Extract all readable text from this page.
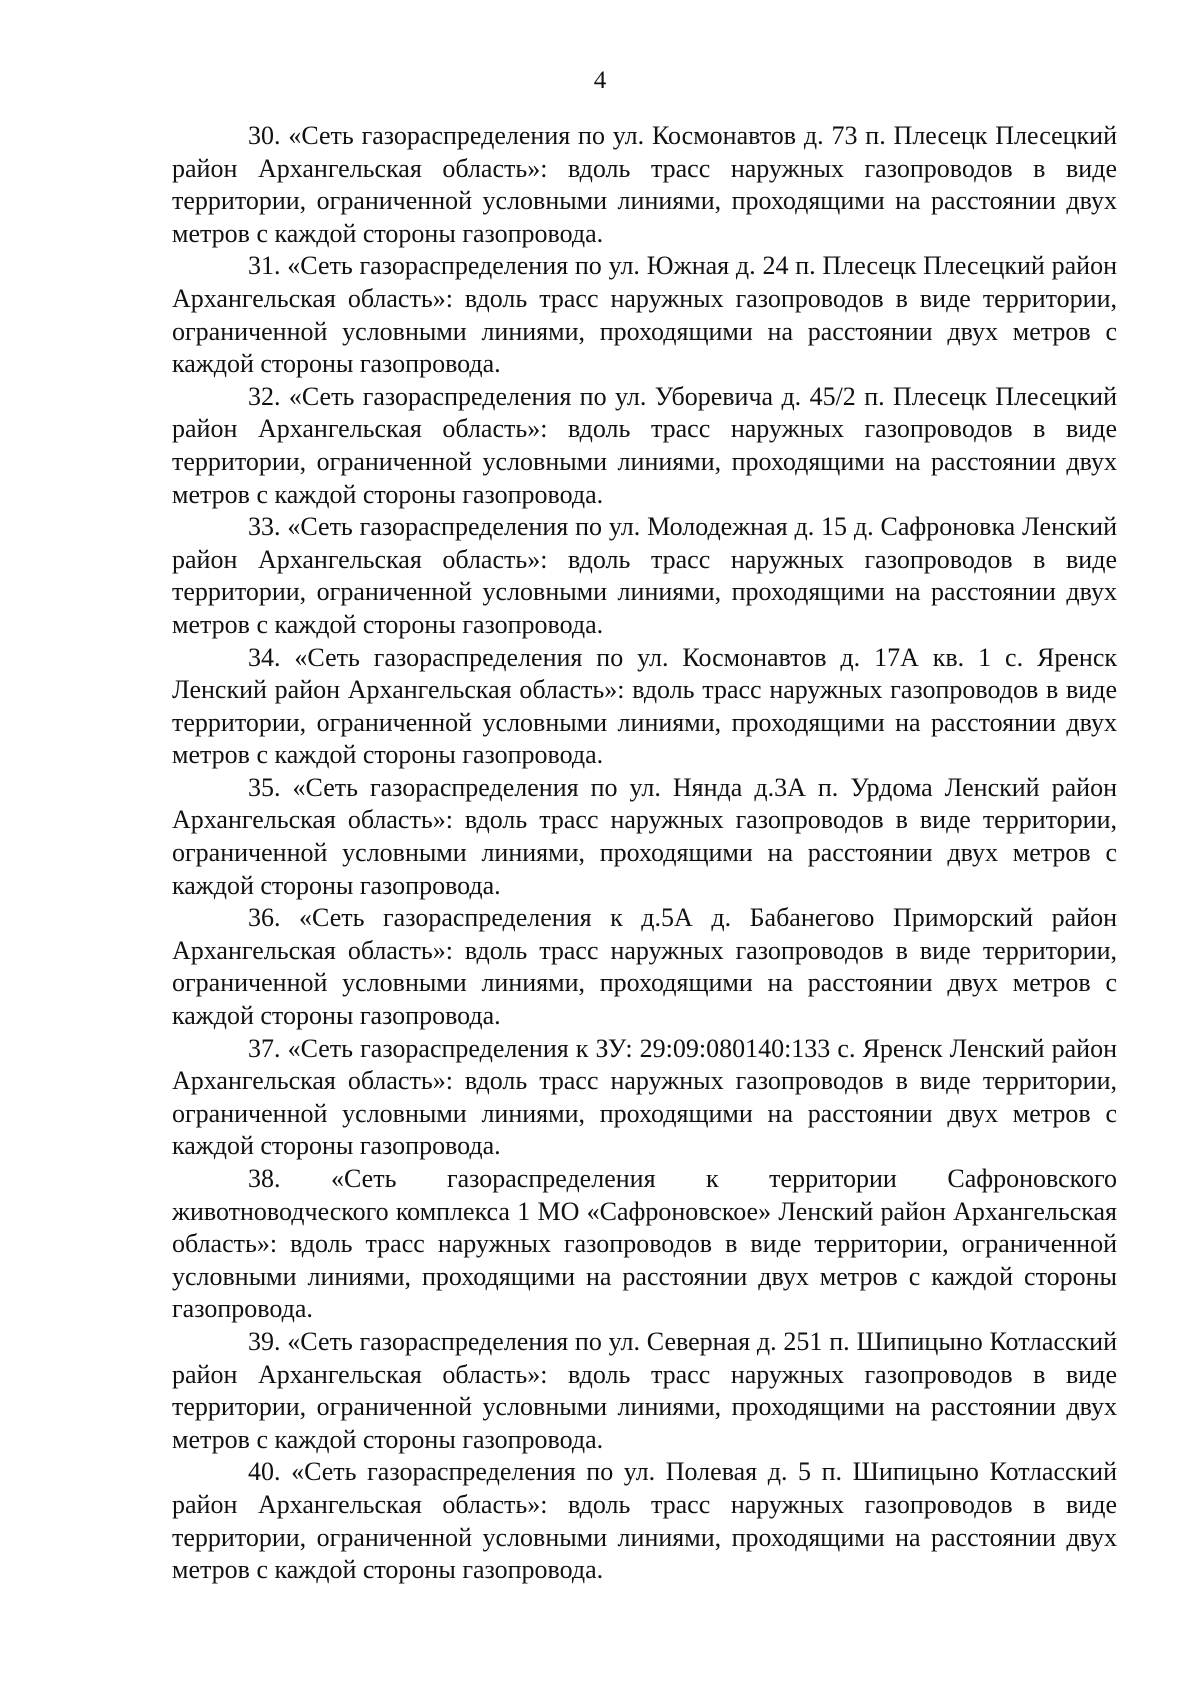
4

30. «Сеть газораспределения по ул. Космонавтов д. 73 п. Плесецк Плесецкий район Архангельская область»: вдоль трасс наружных газопроводов в виде территории, ограниченной условными линиями, проходящими на расстоянии двух метров с каждой стороны газопровода.

31. «Сеть газораспределения по ул. Южная д. 24 п. Плесецк Плесецкий район Архангельская область»: вдоль трасс наружных газопроводов в виде территории, ограниченной условными линиями, проходящими на расстоянии двух метров с каждой стороны газопровода.

32. «Сеть газораспределения по ул. Уборевича д. 45/2 п. Плесецк Плесецкий район Архангельская область»: вдоль трасс наружных газопроводов в виде территории, ограниченной условными линиями, проходящими на расстоянии двух метров с каждой стороны газопровода.

33. «Сеть газораспределения по ул. Молодежная д. 15 д. Сафроновка Ленский район Архангельская область»: вдоль трасс наружных газопроводов в виде территории, ограниченной условными линиями, проходящими на расстоянии двух метров с каждой стороны газопровода.

34. «Сеть газораспределения по ул. Космонавтов д. 17А кв. 1 с. Яренск Ленский район Архангельская область»: вдоль трасс наружных газопроводов в виде территории, ограниченной условными линиями, проходящими на расстоянии двух метров с каждой стороны газопровода.

35. «Сеть газораспределения по ул. Нянда д.3А п. Урдома Ленский район Архангельская область»: вдоль трасс наружных газопроводов в виде территории, ограниченной условными линиями, проходящими на расстоянии двух метров с каждой стороны газопровода.

36. «Сеть газораспределения к д.5А д. Бабанегово Приморский район Архангельская область»: вдоль трасс наружных газопроводов в виде территории, ограниченной условными линиями, проходящими на расстоянии двух метров с каждой стороны газопровода.

37. «Сеть газораспределения к ЗУ: 29:09:080140:133 с. Яренск Ленский район Архангельская область»: вдоль трасс наружных газопроводов в виде территории, ограниченной условными линиями, проходящими на расстоянии двух метров с каждой стороны газопровода.

38. «Сеть газораспределения к территории Сафроновского животноводческого комплекса 1 МО «Сафроновское» Ленский район Архангельская область»: вдоль трасс наружных газопроводов в виде территории, ограниченной условными линиями, проходящими на расстоянии двух метров с каждой стороны газопровода.

39. «Сеть газораспределения по ул. Северная д. 251 п. Шипицыно Котласский район Архангельская область»: вдоль трасс наружных газопроводов в виде территории, ограниченной условными линиями, проходящими на расстоянии двух метров с каждой стороны газопровода.

40. «Сеть газораспределения по ул. Полевая д. 5 п. Шипицыно Котласский район Архангельская область»: вдоль трасс наружных газопроводов в виде территории, ограниченной условными линиями, проходящими на расстоянии двух метров с каждой стороны газопровода.
